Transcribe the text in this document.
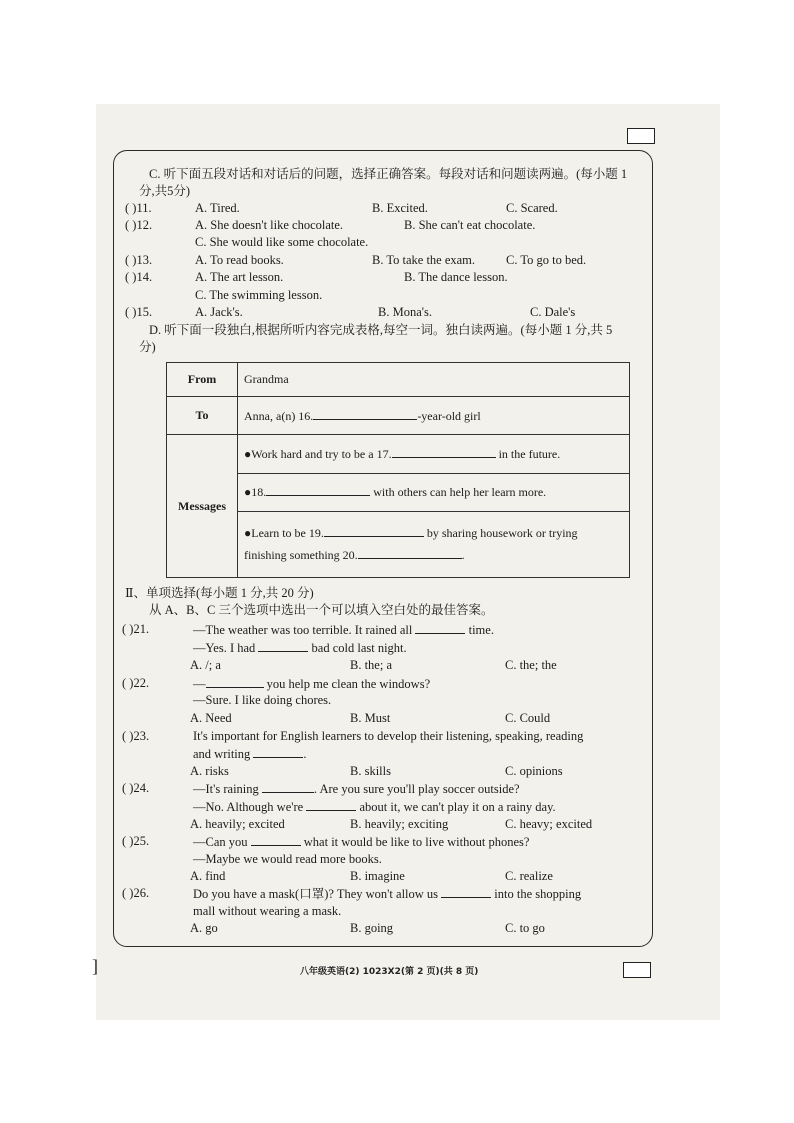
]
C. 听下面五段对话和对话后的问题，选择正确答案。每段对话和问题读两遍。(每小题 1
分,共5分)
( )11.	A. Tired.	B. Excited.	C. Scared.
( )12.	A. She doesn't like chocolate.	B. She can't eat chocolate.
C. She would like some chocolate.
( )13.	A. To read books.	B. To take the exam. C. To go to bed.
( )14.	A. The art lesson.	B. The dance lesson.
C. The swimming lesson.
( )15.	A. Jack's.	B. Mona's.	C. Dale's
D. 听下面一段独白,根据所听内容完成表格,每空一词。独白读两遍。(每小题 1 分,共 5
分)
From	Grandma
To	Anna, a(n) 16. -year-old girl
Messages	●Work hard and try to be a 17. in the future.
	●18. with others can help her learn more.

	●Learn to be 19. by sharing housework or trying
finishing something 20. .
Ⅱ、单项选择(每小题 1 分,共 20 分)
从 A、B、C 三个选项中选出一个可以填入空白处的最佳答案。
( )21.	—The weather was too terrible. It rained all	time.
—Yes. I had	bad cold last night.
A. /; a	B. the; a	C. the; the
( )22.	—	you help me clean the windows?
—Sure. I like doing chores.
A. Need	B. Must	C. Could
( )23.	It's important for English learners to develop their listening, speaking, reading
and writing	.
A. risks	B. skills	C. opinions
( )24.	—It's raining	. Are you sure you'll play soccer outside?
—No. Although we're	about it, we can't play it on a rainy day.
A. heavily; excited	B. heavily; exciting	C. heavy; excited
( )25.	—Can you	what it would be like to live without phones?
—Maybe we would read more books.
A. find	B. imagine	C. realize
( )26.	Do you have a mask(口罩)? They won't allow us	into the shopping
mall without wearing a mask.
A. go	B. going	C. to go
八年级英语(2) 1023X2(第 2 页)(共 8 页)
